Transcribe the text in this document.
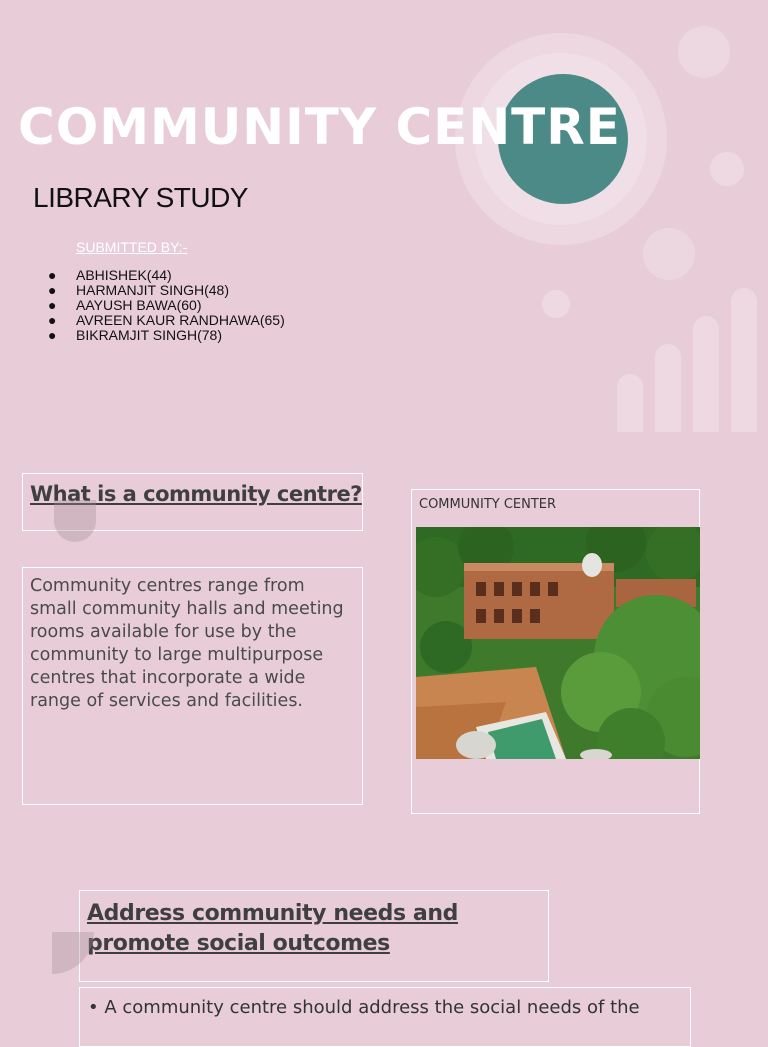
COMMUNITY CENTRE

LIBRARY STUDY

SUBMITTED BY:-
● ABHISHEK(44)
● HARMANJIT SINGH(48)
● AAYUSH BAWA(60)
● AVREEN KAUR RANDHAWA(65)
● BIKRAMJIT SINGH(78)
What is a community centre?

Community centres range from small community halls and meeting rooms available for use by the community to large multipurpose centres that incorporate a wide range of services and facilities.

COMMUNITY CENTER
Address community needs and promote social outcomes

• A community centre should address the social needs of the
